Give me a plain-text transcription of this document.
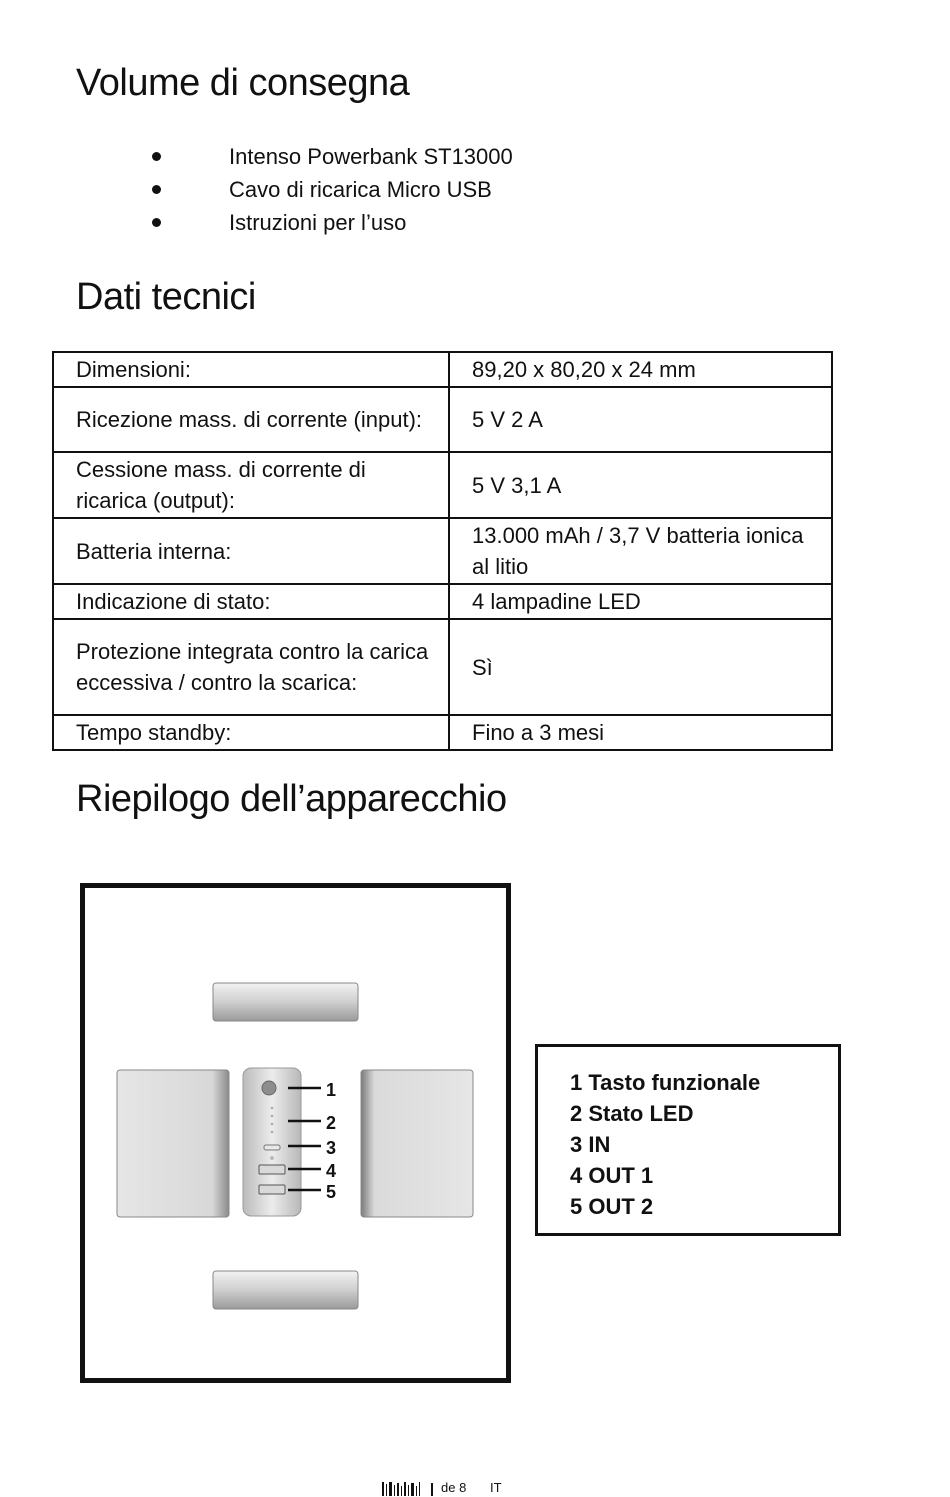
Volume di consegna
Intenso Powerbank ST13000
Cavo di ricarica Micro USB
Istruzioni per l’uso
Dati tecnici
Dimensioni:	89,20 x 80,20 x 24 mm
Ricezione mass. di corrente (input):	5 V 2 A
Cessione mass. di corrente di ricarica (output):	5 V 3,1 A
Batteria interna:	13.000 mAh / 3,7 V batteria ionica al litio
Indicazione di stato:	4 lampadine LED
Protezione integrata contro la carica eccessiva / contro la scarica:	Sì
Tempo standby:	Fino a 3 mesi
Riepilogo dell’apparecchio
1
2
3
4
5
1 Tasto funzionale
2 Stato LED
3 IN
4 OUT 1
5 OUT 2
de 8 IT
